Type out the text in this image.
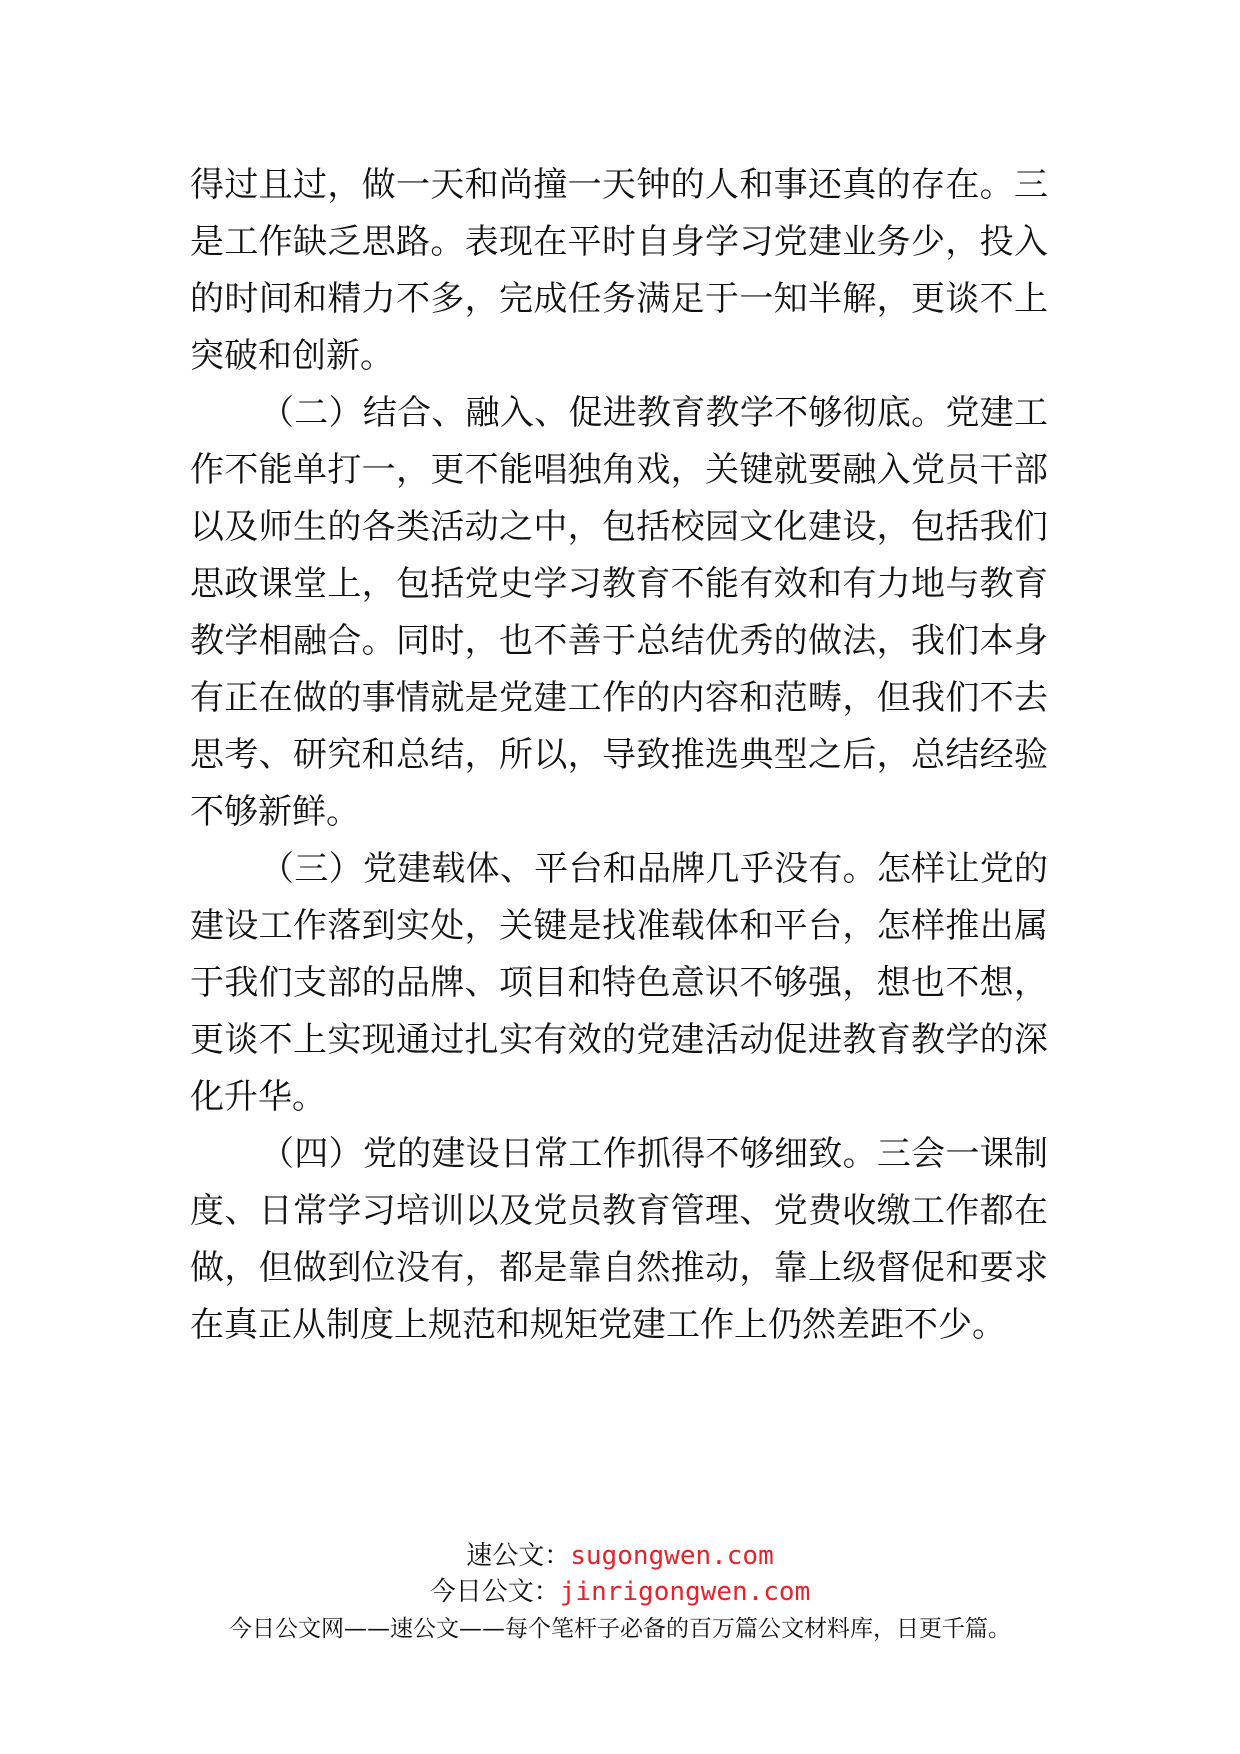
得过且过，做一天和尚撞一天钟的人和事还真的存在。三
是工作缺乏思路。表现在平时自身学习党建业务少，投入
的时间和精力不多，完成任务满足于一知半解，更谈不上
突破和创新。
（二）结合、融入、促进教育教学不够彻底。党建工
作不能单打一，更不能唱独角戏，关键就要融入党员干部
以及师生的各类活动之中，包括校园文化建设，包括我们
思政课堂上，包括党史学习教育不能有效和有力地与教育
教学相融合。同时，也不善于总结优秀的做法，我们本身
有正在做的事情就是党建工作的内容和范畴，但我们不去
思考、研究和总结，所以，导致推选典型之后，总结经验
不够新鲜。
（三）党建载体、平台和品牌几乎没有。怎样让党的
建设工作落到实处，关键是找准载体和平台，怎样推出属
于我们支部的品牌、项目和特色意识不够强，想也不想，
更谈不上实现通过扎实有效的党建活动促进教育教学的深
化升华。
（四）党的建设日常工作抓得不够细致。三会一课制
度、日常学习培训以及党员教育管理、党费收缴工作都在
做，但做到位没有，都是靠自然推动，靠上级督促和要求
在真正从制度上规范和规矩党建工作上仍然差距不少。
速公文：sugongwen.com
今日公文：jinrigongwen.com
今日公文网——速公文——每个笔杆子必备的百万篇公文材料库，日更千篇。
